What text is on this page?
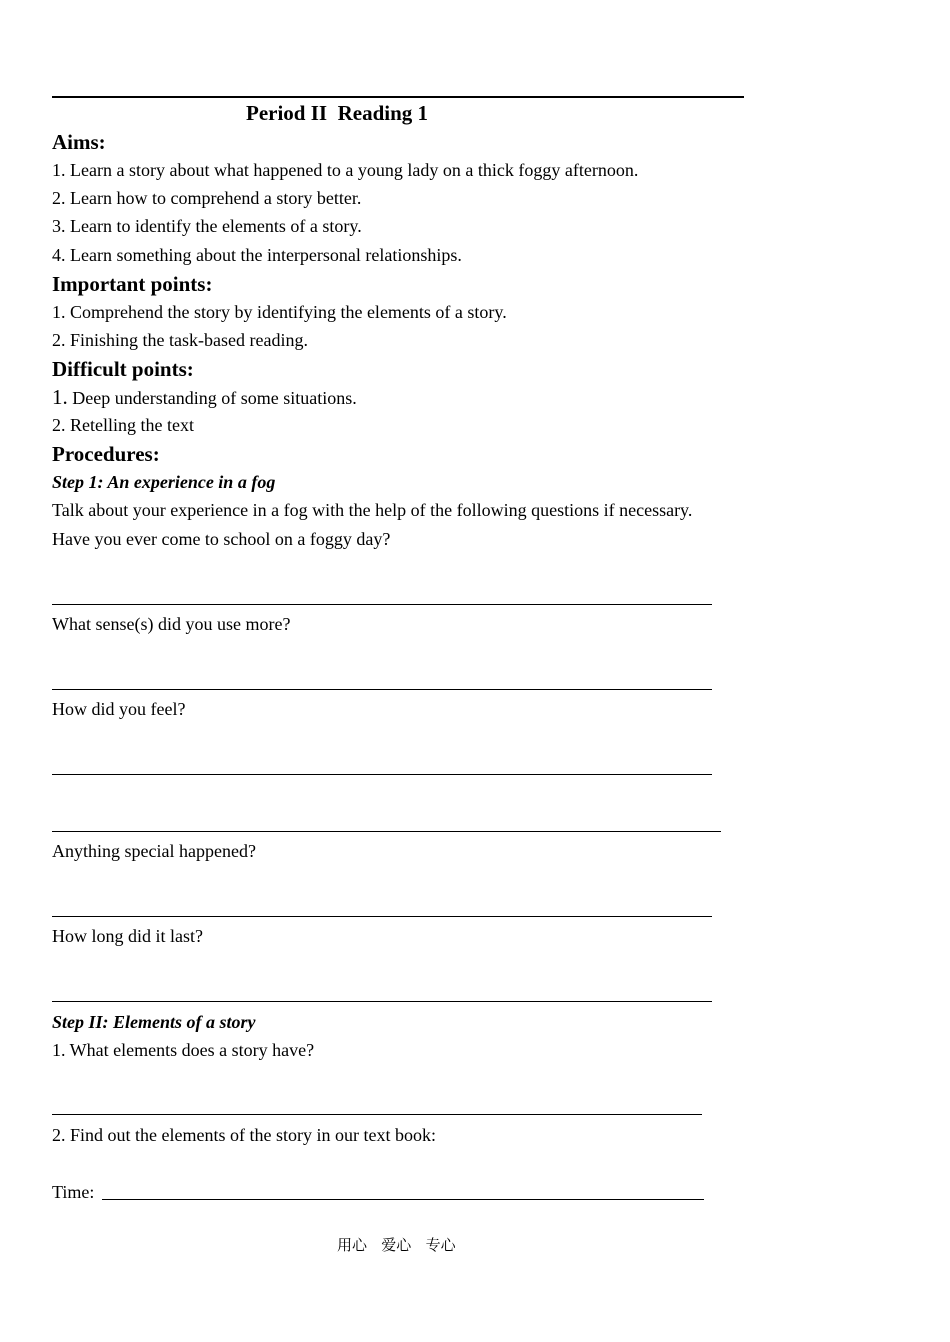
Period II  Reading 1
Aims:
1. Learn a story about what happened to a young lady on a thick foggy afternoon.
2. Learn how to comprehend a story better.
3. Learn to identify the elements of a story.
4. Learn something about the interpersonal relationships.
Important points:
1. Comprehend the story by identifying the elements of a story.
2. Finishing the task-based reading.
Difficult points:
1. Deep understanding of some situations.
2. Retelling the text
Procedures:
Step 1: An experience in a fog
Talk about your experience in a fog with the help of the following questions if necessary.
Have you ever come to school on a foggy day?
What sense(s) did you use more?
How did you feel?
Anything special happened?
How long did it last?
Step II: Elements of a story
1. What elements does a story have?
2. Find out the elements of the story in our text book:
Time:
用心   爱心   专心
